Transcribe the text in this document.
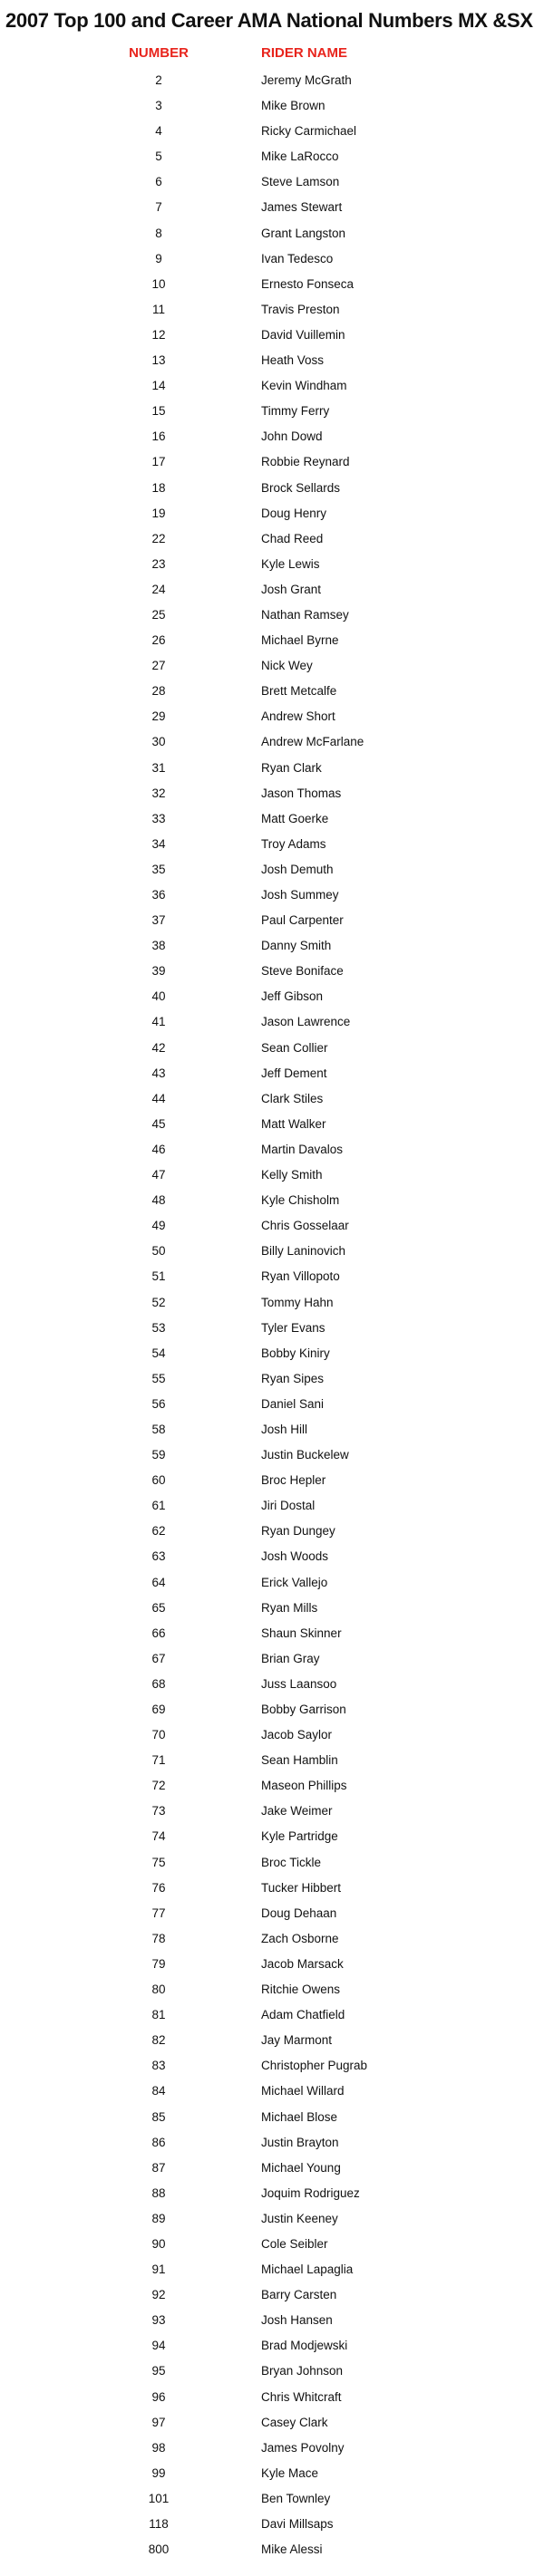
2007 Top 100 and Career AMA National Numbers MX &SX
NUMBER	RIDER NAME
2	Jeremy McGrath
3	Mike Brown
4	Ricky Carmichael
5	Mike LaRocco
6	Steve Lamson
7	James Stewart
8	Grant Langston
9	Ivan Tedesco
10	Ernesto Fonseca
11	Travis Preston
12	David Vuillemin
13	Heath Voss
14	Kevin Windham
15	Timmy Ferry
16	John Dowd
17	Robbie Reynard
18	Brock Sellards
19	Doug Henry
22	Chad Reed
23	Kyle Lewis
24	Josh Grant
25	Nathan Ramsey
26	Michael Byrne
27	Nick Wey
28	Brett Metcalfe
29	Andrew Short
30	Andrew McFarlane
31	Ryan Clark
32	Jason Thomas
33	Matt Goerke
34	Troy Adams
35	Josh Demuth
36	Josh Summey
37	Paul Carpenter
38	Danny Smith
39	Steve Boniface
40	Jeff Gibson
41	Jason Lawrence
42	Sean Collier
43	Jeff Dement
44	Clark Stiles
45	Matt Walker
46	Martin Davalos
47	Kelly Smith
48	Kyle Chisholm
49	Chris Gosselaar
50	Billy Laninovich
51	Ryan Villopoto
52	Tommy Hahn
53	Tyler Evans
54	Bobby Kiniry
55	Ryan Sipes
56	Daniel Sani
58	Josh Hill
59	Justin Buckelew
60	Broc Hepler
61	Jiri Dostal
62	Ryan Dungey
63	Josh Woods
64	Erick Vallejo
65	Ryan Mills
66	Shaun Skinner
67	Brian Gray
68	Juss Laansoo
69	Bobby Garrison
70	Jacob Saylor
71	Sean Hamblin
72	Maseon Phillips
73	Jake Weimer
74	Kyle Partridge
75	Broc Tickle
76	Tucker Hibbert
77	Doug Dehaan
78	Zach Osborne
79	Jacob Marsack
80	Ritchie Owens
81	Adam Chatfield
82	Jay Marmont
83	Christopher Pugrab
84	Michael Willard
85	Michael Blose
86	Justin Brayton
87	Michael Young
88	Joquim Rodriguez
89	Justin Keeney
90	Cole Seibler
91	Michael Lapaglia
92	Barry Carsten
93	Josh Hansen
94	Brad Modjewski
95	Bryan Johnson
96	Chris Whitcraft
97	Casey Clark
98	James Povolny
99	Kyle Mace
101	Ben Townley
118	Davi Millsaps
800	Mike Alessi
